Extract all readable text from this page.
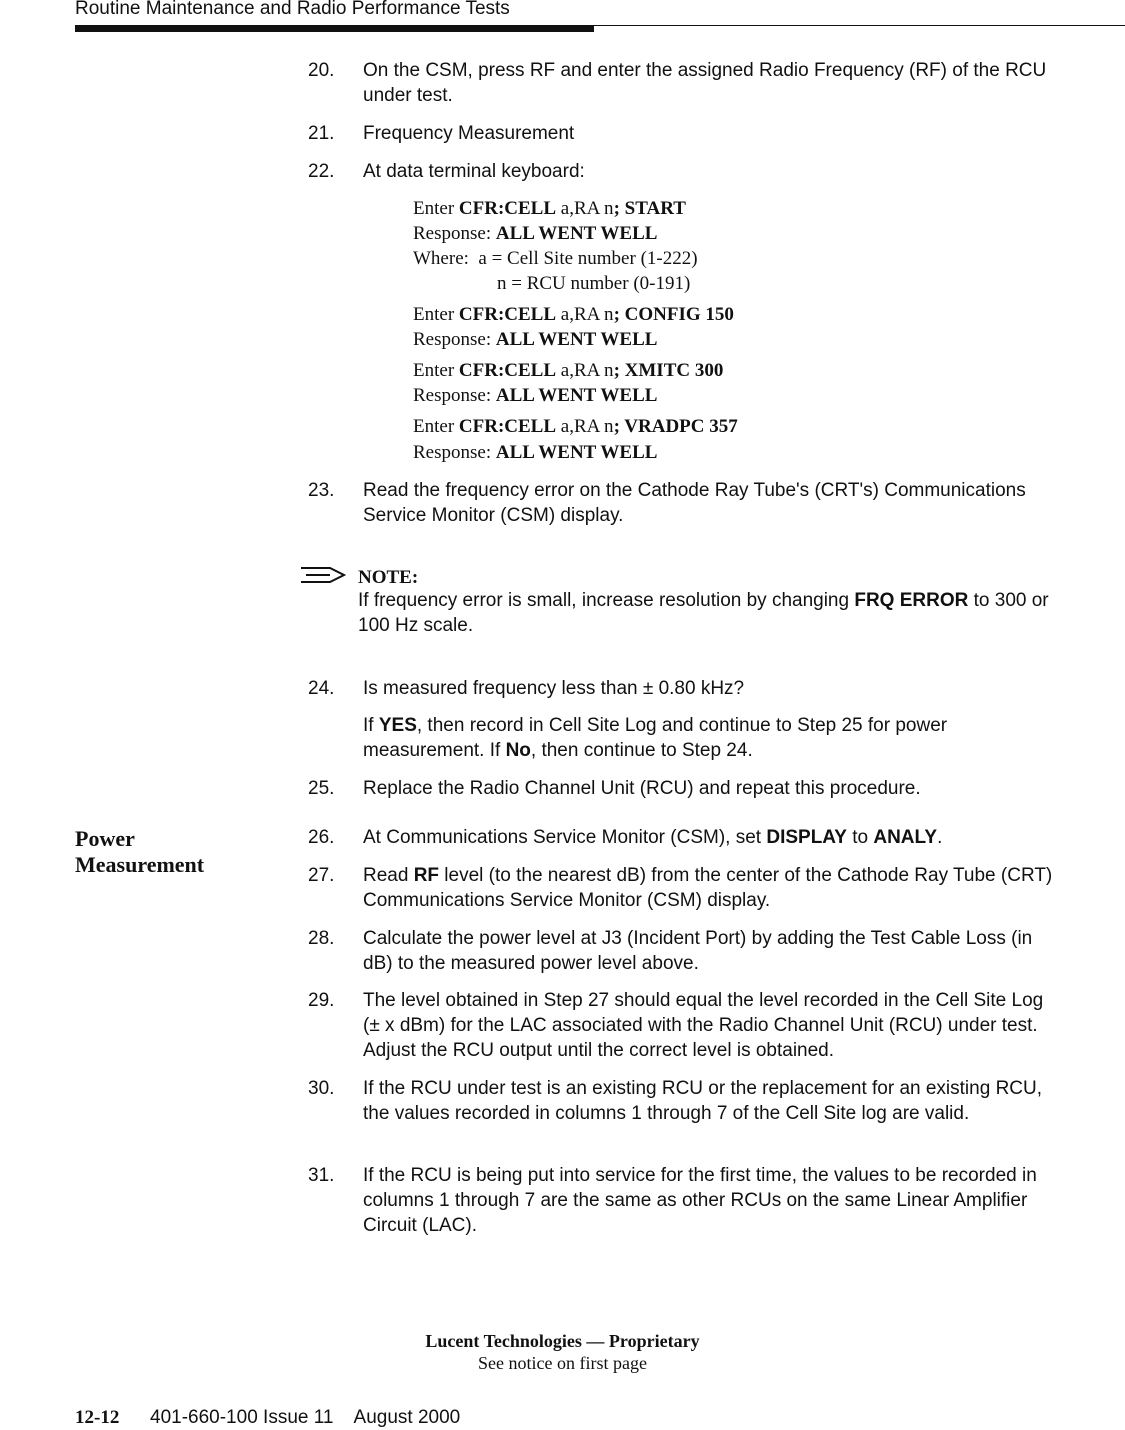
Routine Maintenance and Radio Performance Tests
20.	On the CSM, press RF and enter the assigned Radio Frequency (RF) of the RCU under test.
21.	Frequency Measurement
22.	At data terminal keyboard:
Enter CFR:CELL a,RA n; START
Response: ALL WENT WELL
Where: a = Cell Site number (1-222)
n = RCU number (0-191)
Enter CFR:CELL a,RA n; CONFIG 150
Response: ALL WENT WELL
Enter CFR:CELL a,RA n; XMITC 300
Response: ALL WENT WELL
Enter CFR:CELL a,RA n; VRADPC 357
Response: ALL WENT WELL
23.	Read the frequency error on the Cathode Ray Tube's (CRT's) Communications Service Monitor (CSM) display.
NOTE:
If frequency error is small, increase resolution by changing FRQ ERROR to 300 or 100 Hz scale.
24.	Is measured frequency less than ± 0.80 kHz?
If YES, then record in Cell Site Log and continue to Step 25 for power measurement. If No, then continue to Step 24.
25.	Replace the Radio Channel Unit (RCU) and repeat this procedure.
Power
Measurement
26.	At Communications Service Monitor (CSM), set DISPLAY to ANALY.
27.	Read RF level (to the nearest dB) from the center of the Cathode Ray Tube (CRT) Communications Service Monitor (CSM) display.
28.	Calculate the power level at J3 (Incident Port) by adding the Test Cable Loss (in dB) to the measured power level above.
29.	The level obtained in Step 27 should equal the level recorded in the Cell Site Log (± x dBm) for the LAC associated with the Radio Channel Unit (RCU) under test. Adjust the RCU output until the correct level is obtained.
30.	If the RCU under test is an existing RCU or the replacement for an existing RCU, the values recorded in columns 1 through 7 of the Cell Site log are valid.
31.	If the RCU is being put into service for the first time, the values to be recorded in columns 1 through 7 are the same as other RCUs on the same Linear Amplifier Circuit (LAC).
Lucent Technologies — Proprietary
See notice on first page
12-12 401-660-100 Issue 11    August 2000
